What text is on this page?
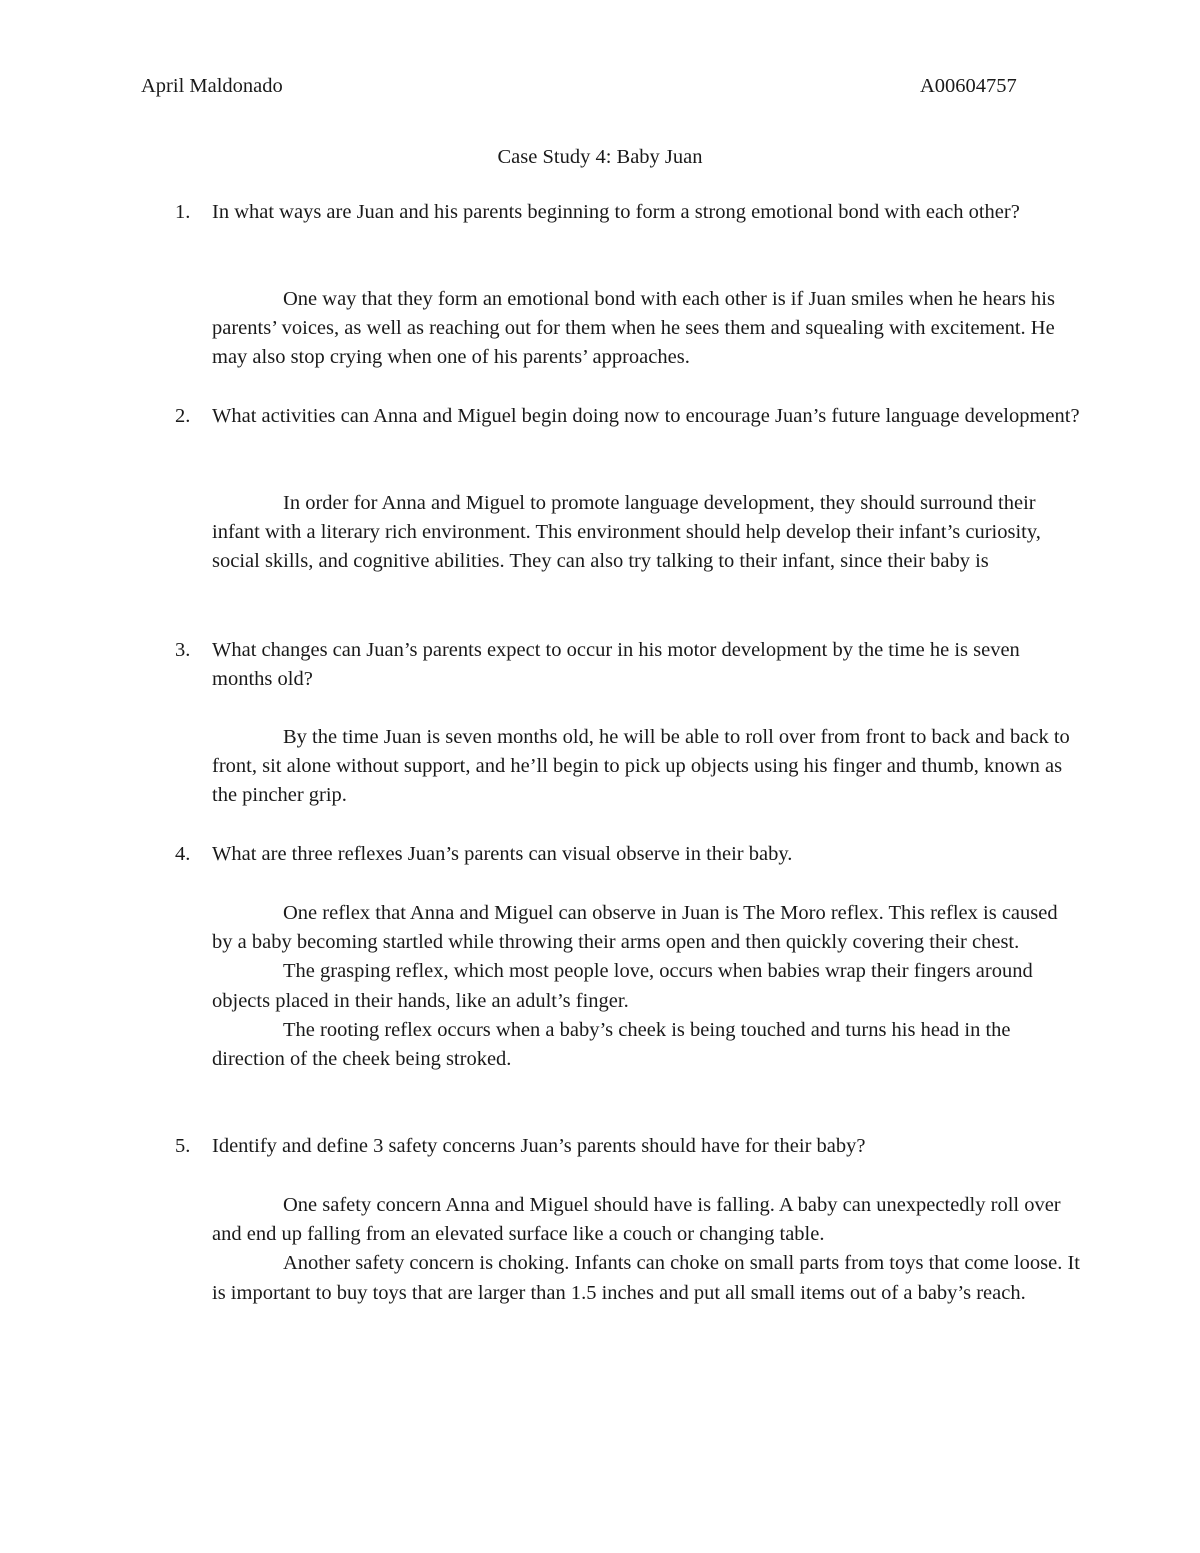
April Maldonado	A00604757
Case Study 4: Baby Juan
1. In what ways are Juan and his parents beginning to form a strong emotional bond with each other?

One way that they form an emotional bond with each other is if Juan smiles when he hears his parents’ voices, as well as reaching out for them when he sees them and squealing with excitement. He may also stop crying when one of his parents’ approaches.

2. What activities can Anna and Miguel begin doing now to encourage Juan’s future language development?

In order for Anna and Miguel to promote language development, they should surround their infant with a literary rich environment. This environment should help develop their infant’s curiosity, social skills, and cognitive abilities. They can also try talking to their infant, since their baby is

3. What changes can Juan’s parents expect to occur in his motor development by the time he is seven months old?

By the time Juan is seven months old, he will be able to roll over from front to back and back to front, sit alone without support, and he’ll begin to pick up objects using his finger and thumb, known as the pincher grip.

4. What are three reflexes Juan’s parents can visual observe in their baby.

One reflex that Anna and Miguel can observe in Juan is The Moro reflex. This reflex is caused by a baby becoming startled while throwing their arms open and then quickly covering their chest.

The grasping reflex, which most people love, occurs when babies wrap their fingers around objects placed in their hands, like an adult’s finger.

The rooting reflex occurs when a baby’s cheek is being touched and turns his head in the direction of the cheek being stroked.

5. Identify and define 3 safety concerns Juan’s parents should have for their baby?

One safety concern Anna and Miguel should have is falling. A baby can unexpectedly roll over and end up falling from an elevated surface like a couch or changing table.

Another safety concern is choking. Infants can choke on small parts from toys that come loose. It is important to buy toys that are larger than 1.5 inches and put all small items out of a baby’s reach.
